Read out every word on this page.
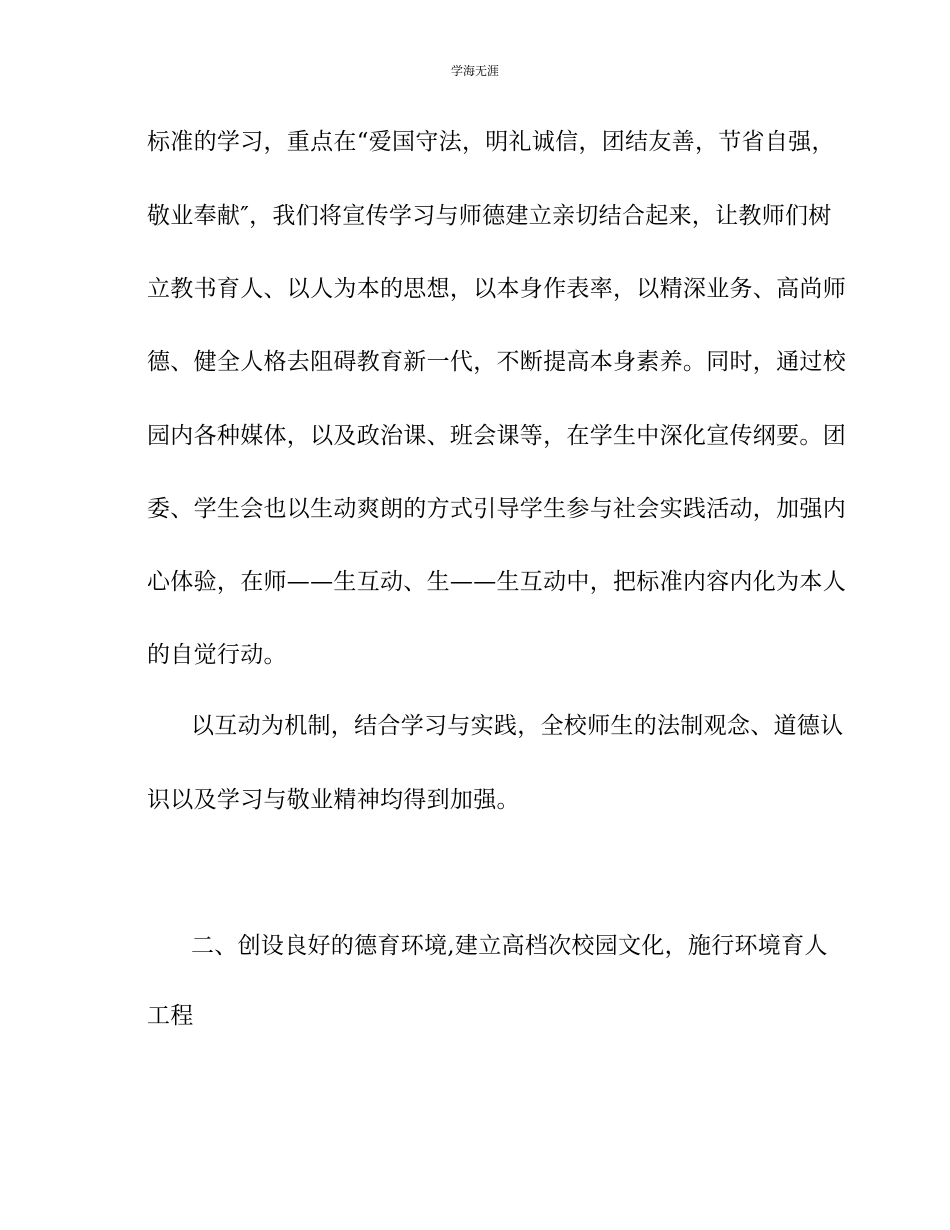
学海无涯
标准的学习，重点在“爱国守法，明礼诚信，团结友善，节省自强，
敬业奉献″，我们将宣传学习与师德建立亲切结合起来，让教师们树
立教书育人、以人为本的思想，以本身作表率，以精深业务、高尚师
德、健全人格去阻碍教育新一代，不断提高本身素养。同时，通过校
园内各种媒体，以及政治课、班会课等，在学生中深化宣传纲要。团
委、学生会也以生动爽朗的方式引导学生参与社会实践活动，加强内
心体验，在师——生互动、生——生互动中，把标准内容内化为本人
的自觉行动。
以互动为机制，结合学习与实践，全校师生的法制观念、道德认
识以及学习与敬业精神均得到加强。
二、创设良好的德育环境,建立高档次校园文化，施行环境育人
工程
